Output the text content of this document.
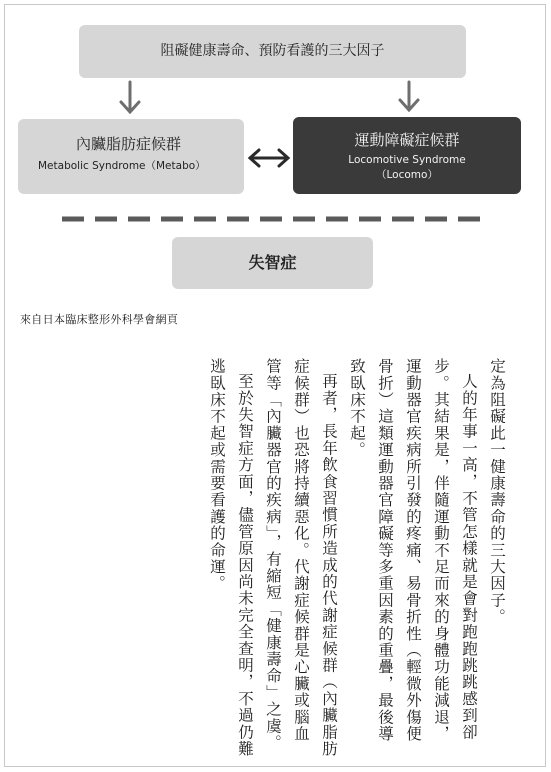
阻礙健康壽命、預防看護的三大因子
內臟脂肪症候群
Metabolic Syndrome（Metabo）
運動障礙症候群
Locomotive Syndrome
（Locomo）
失智症
來自日本臨床整形外科學會網頁

定為阻礙此一健康壽命的三大因子。

人的年事一高，不管怎樣就是會對跑跑跳跳感到卻步。其結果是，伴隨運動不足而來的身體功能減退，運動器官疾病所引發的疼痛、易骨折性（輕微外傷便骨折）這類運動器官障礙等多重因素的重疊，最後導致臥床不起。

再者，長年飲食習慣所造成的代謝症候群（內臟脂肪症候群）也恐將持續惡化。代謝症候群是心臟或腦血管等「內臟器官的疾病」，有縮短「健康壽命」之虞。

至於失智症方面，儘管原因尚未完全查明，不過仍難逃臥床不起或需要看護的命運。
